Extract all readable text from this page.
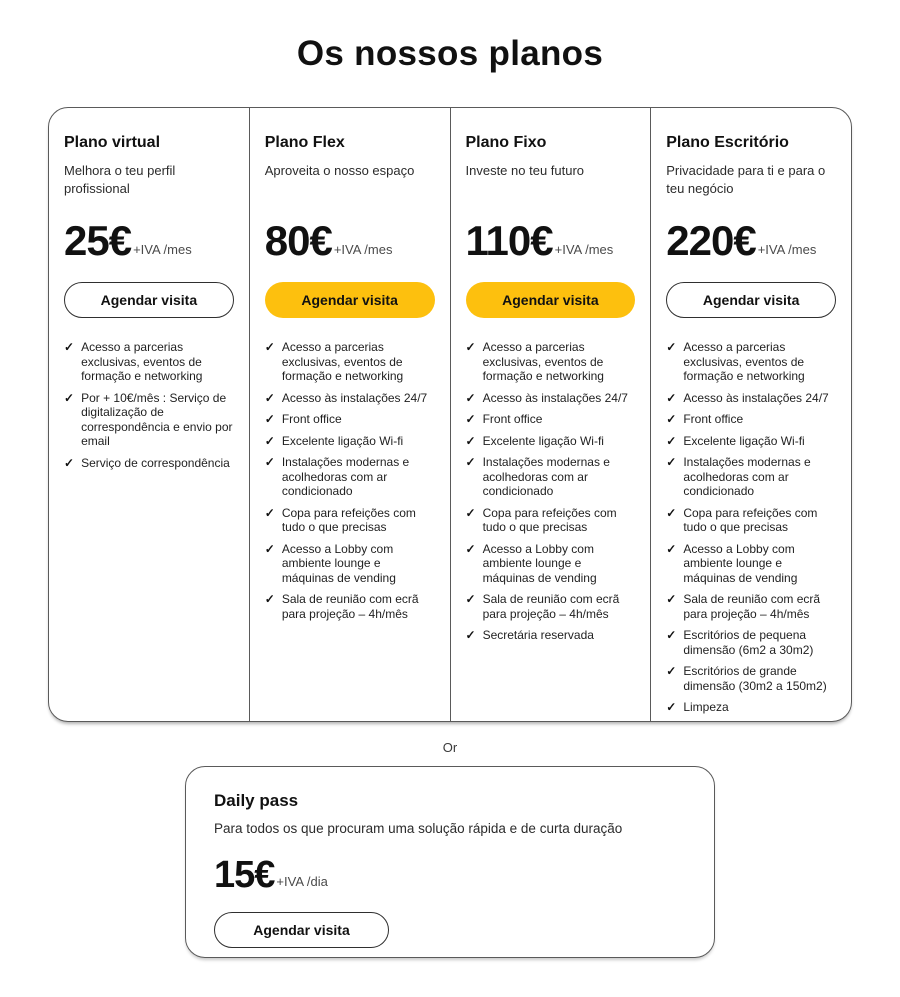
Os nossos planos
Plano virtual

Melhora o teu perfil profissional

25€ +IVA /mes
Agendar visita
✓ Acesso a parcerias exclusivas, eventos de formação e networking
✓ Por + 10€/mês : Serviço de digitalização de correspondência e envio por email
✓ Serviço de correspondência
Plano Flex

Aproveita o nosso espaço

80€ +IVA /mes
Agendar visita
✓ Acesso a parcerias exclusivas, eventos de formação e networking
✓ Acesso às instalações 24/7
✓ Front office
✓ Excelente ligação Wi-fi
✓ Instalações modernas e acolhedoras com ar condicionado
✓ Copa para refeições com tudo o que precisas
✓ Acesso a Lobby com ambiente lounge e máquinas de vending
✓ Sala de reunião com ecrã para projeção – 4h/mês
Plano Fixo

Investe no teu futuro

110€ +IVA /mes
Agendar visita
✓ Acesso a parcerias exclusivas, eventos de formação e networking
✓ Acesso às instalações 24/7
✓ Front office
✓ Excelente ligação Wi-fi
✓ Instalações modernas e acolhedoras com ar condicionado
✓ Copa para refeições com tudo o que precisas
✓ Acesso a Lobby com ambiente lounge e máquinas de vending
✓ Sala de reunião com ecrã para projeção – 4h/mês
✓ Secretária reservada
Plano Escritório

Privacidade para ti e para o teu negócio

220€ +IVA /mes
Agendar visita
✓ Acesso a parcerias exclusivas, eventos de formação e networking
✓ Acesso às instalações 24/7
✓ Front office
✓ Excelente ligação Wi-fi
✓ Instalações modernas e acolhedoras com ar condicionado
✓ Copa para refeições com tudo o que precisas
✓ Acesso a Lobby com ambiente lounge e máquinas de vending
✓ Sala de reunião com ecrã para projeção – 4h/mês
✓ Escritórios de pequena dimensão (6m2 a 30m2)
✓ Escritórios de grande dimensão (30m2 a 150m2)
✓ Limpeza
Or
Daily pass

Para todos os que procuram uma solução rápida e de curta duração

15€ +IVA /dia
Agendar visita
